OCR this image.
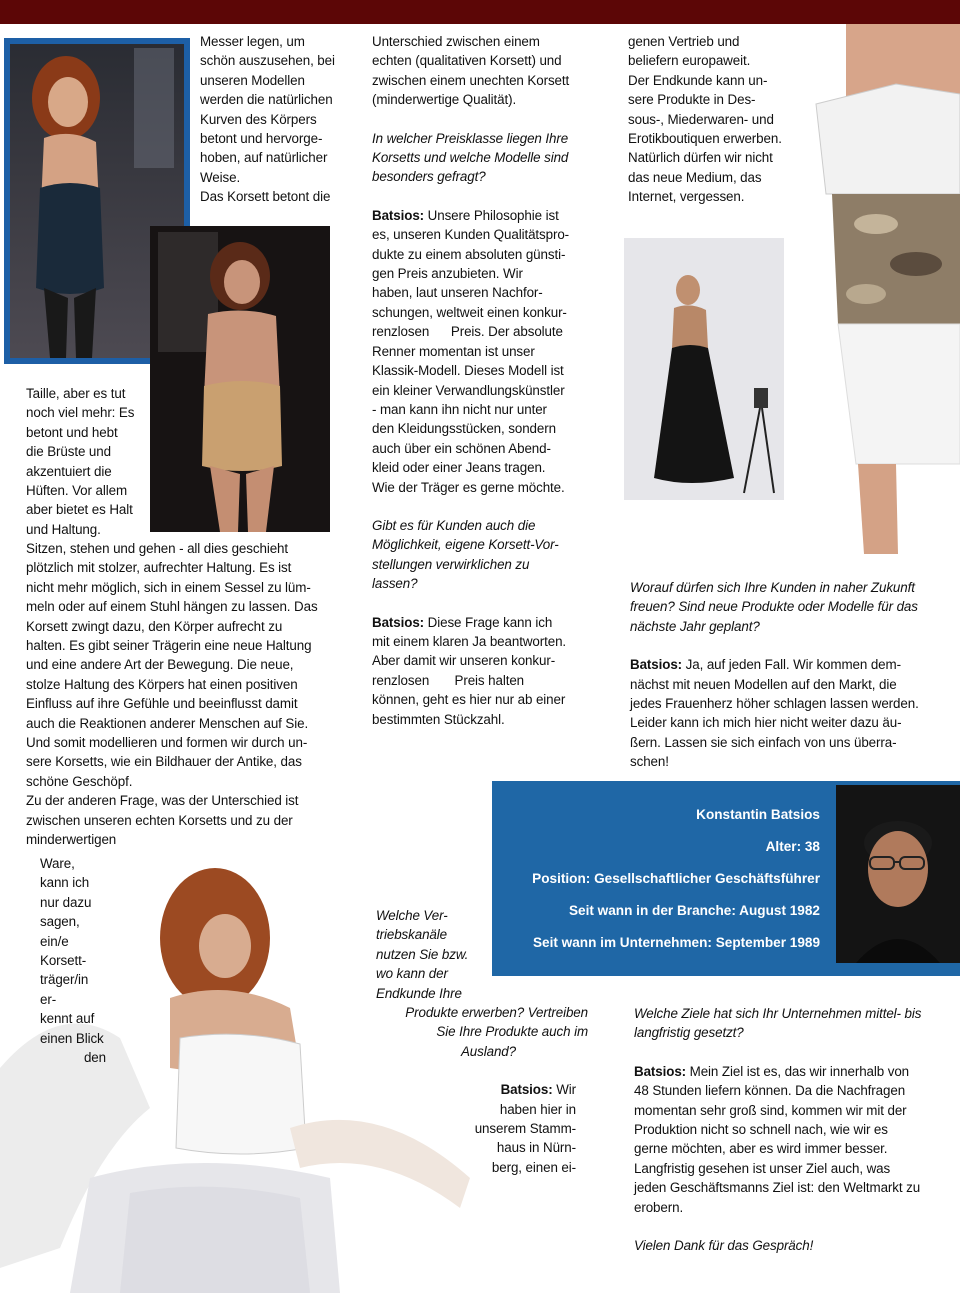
Messer legen, um

schön auszusehen, bei

unseren Modellen

werden die natürlichen

Kurven des Körpers

betont und hervorge-

hoben, auf natürlicher

Weise.

Das Korsett betont die

Taille, aber es tut

noch viel mehr: Es

betont und hebt

die Brüste und

akzentuiert die

Hüften. Vor allem

aber bietet es Halt

und Haltung.

Sitzen, stehen und gehen - all dies geschieht

plötzlich mit stolzer, aufrechter Haltung. Es ist

nicht mehr möglich, sich in einem Sessel zu lüm-

meln oder auf einem Stuhl hängen zu lassen. Das

Korsett zwingt dazu, den Körper aufrecht zu

halten. Es gibt seiner Trägerin eine neue Haltung

und eine andere Art der Bewegung. Die neue,

stolze Haltung des Körpers hat einen positiven

Einfluss auf ihre Gefühle und beeinflusst damit

auch die Reaktionen anderer Menschen auf Sie.

Und somit modellieren und formen wir durch un-

sere Korsetts, wie ein Bildhauer der Antike, das

schöne Geschöpf.

Zu der anderen Frage, was der Unterschied ist

zwischen unseren echten Korsetts und zu der

minderwertigen

Ware, kann ich

nur dazu

sagen, ein/e

Korsett-

träger/in er-

kennt auf

einen Blick

den

Unterschied zwischen einem

echten (qualitativen Korsett) und

zwischen einem unechten Korsett

(minderwertige Qualität).

In welcher Preisklasse liegen Ihre

Korsetts und welche Modelle sind

besonders gefragt?

Batsios: Unsere Philosophie ist

es, unseren Kunden Qualitätspro-

dukte zu einem absoluten günsti-

gen Preis anzubieten. Wir

haben, laut unseren Nachfor-

schungen, weltweit einen konkur-

renzlosen      Preis. Der absolute

Renner momentan ist unser

Klassik-Modell. Dieses Modell ist

ein kleiner Verwandlungskünstler

- man kann ihn nicht nur unter

den Kleidungsstücken, sondern

auch über ein schönen Abend-

kleid oder einer Jeans tragen.

Wie der Träger es gerne möchte.

Gibt es für Kunden auch die

Möglichkeit, eigene Korsett-Vor-

stellungen verwirklichen zu

lassen?

Batsios: Diese Frage kann ich

mit einem klaren Ja beantworten.

Aber damit wir unseren konkur-

renzlosen       Preis halten

können, geht es hier nur ab einer

bestimmten Stückzahl.

Welche Ver-

triebskanäle

nutzen Sie bzw.

wo kann der

Endkunde Ihre

Produkte erwerben? Vertreiben

Sie Ihre Produkte auch im

Ausland?

Batsios: Wir

haben hier in

unserem Stamm-

haus in Nürn-

berg, einen ei-

genen Vertrieb und

beliefern europaweit.

Der Endkunde kann un-

sere Produkte in Des-

sous-, Miederwaren- und

Erotikboutiquen erwerben.

Natürlich dürfen wir nicht

das neue Medium, das

Internet, vergessen.

Worauf dürfen sich Ihre Kunden in naher Zukunft

freuen? Sind neue Produkte oder Modelle für das

nächste Jahr geplant?

Batsios: Ja, auf jeden Fall. Wir kommen dem-

nächst mit neuen Modellen auf den Markt, die

jedes Frauenherz höher schlagen lassen werden.

Leider kann ich mich hier nicht weiter dazu äu-

ßern. Lassen sie sich einfach von uns überra-

schen!

Konstantin Batsios
Alter: 38
Position: Gesellschaftlicher Geschäftsführer
Seit wann in der Branche: August 1982
Seit wann im Unternehmen: September 1989

Welche Ziele hat sich Ihr Unternehmen mittel- bis

langfristig gesetzt?

Batsios: Mein Ziel ist es, das wir innerhalb von

48 Stunden liefern können. Da die Nachfragen

momentan sehr groß sind, kommen wir mit der

Produktion nicht so schnell nach, wie wir es

gerne möchten, aber es wird immer besser.

Langfristig gesehen ist unser Ziel auch, was

jeden Geschäftsmanns Ziel ist: den Weltmarkt zu

erobern.

Vielen Dank für das Gespräch!
